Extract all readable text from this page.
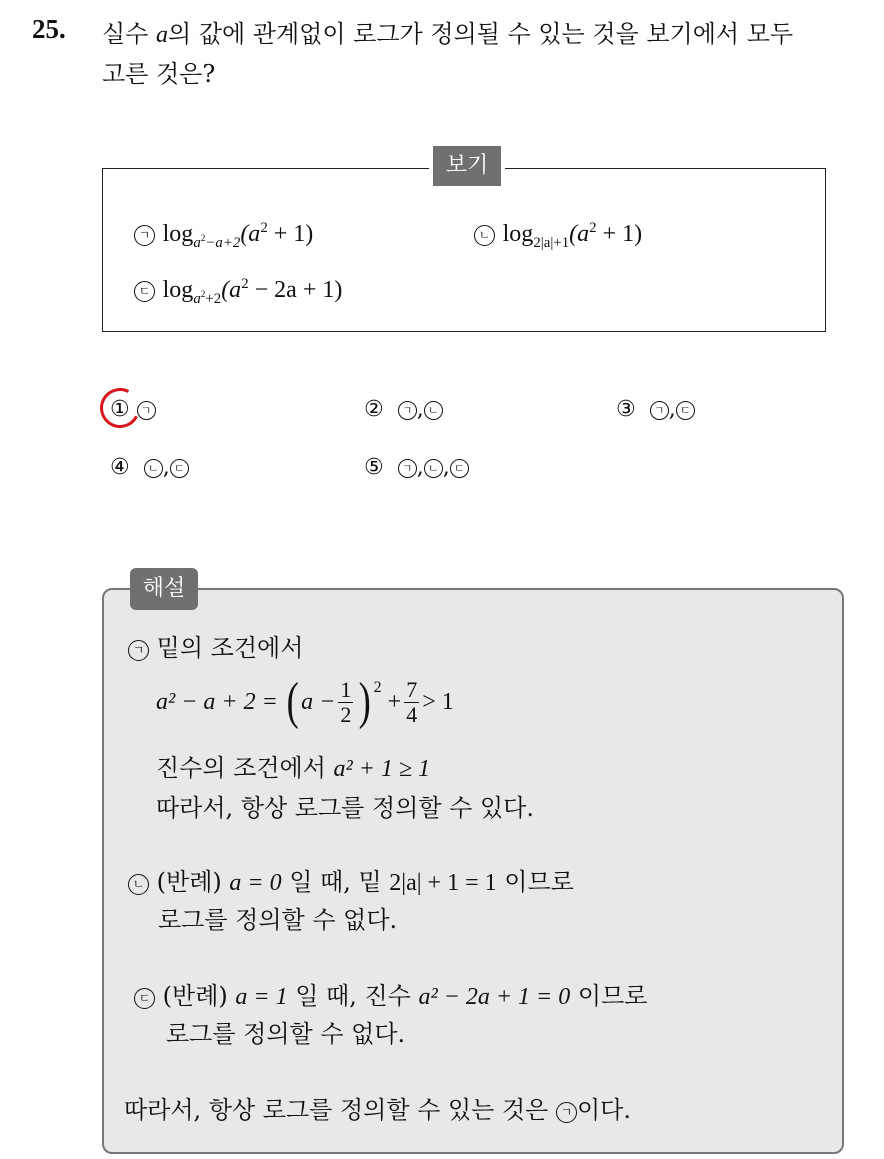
25. 실수 a의 값에 관계없이 로그가 정의될 수 있는 것을 보기에서 모두
고른 것은?
보기
ㄱ $\log_{a^2-a+2}(a^2 + 1)$	ㄴ $\log_{2|a|+1}(a^2 + 1)$
ㄷ $\log_{a^2+2}(a^2 - 2a + 1)$
① ㄱ	② ㄱ , ㄴ	③ ㄱ , ㄷ
④ ㄴ , ㄷ	⑤ ㄱ , ㄴ , ㄷ
해설
ㄱ 밑의 조건에서
a² − a + 2 =
( $a - \frac{1}{2} )^2$

+ $\frac{7}{4} > 1$
진수의 조건에서 a² + 1 ≥ 1
따라서, 항상 로그를 정의할 수 있다.
ㄴ (반례) a = 0 일 때, 밑 2|a| + 1 = 1 이므로
로그를 정의할 수 없다.
ㄷ (반례) a = 1 일 때, 진수 a² − 2a + 1 = 0 이므로
로그를 정의할 수 없다.
따라서, 항상 로그를 정의할 수 있는 것은 ㄱ 이다.
